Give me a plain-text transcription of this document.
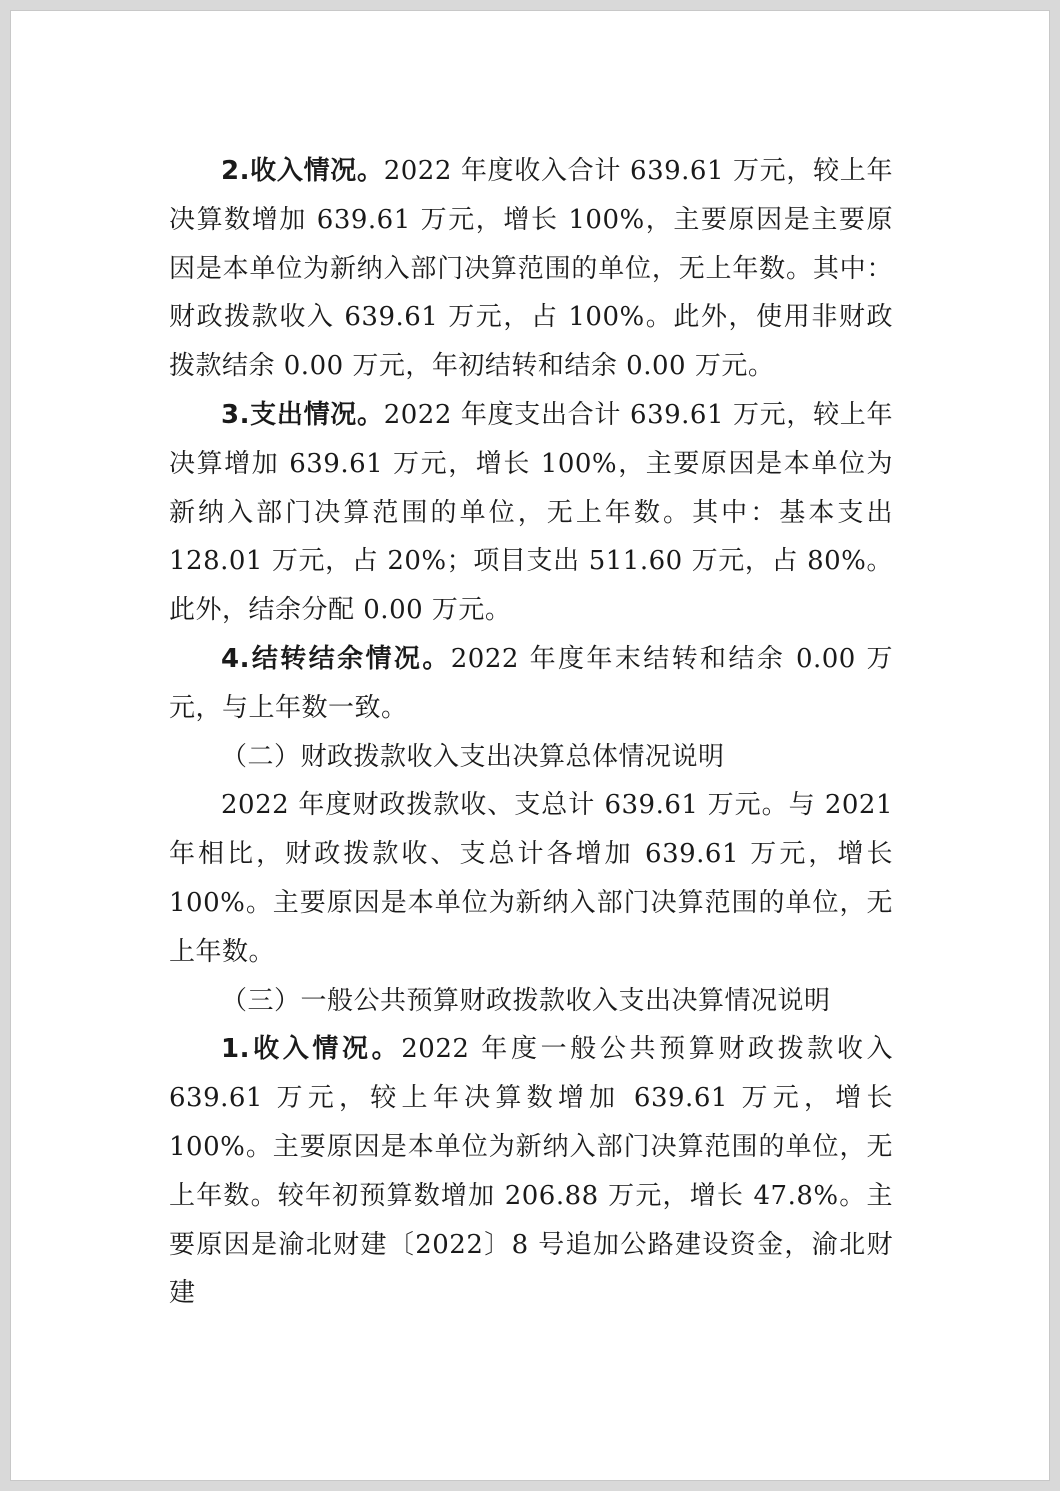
2.收入情况。2022 年度收入合计 639.61 万元，较上年决算数增加 639.61 万元，增长 100%，主要原因是主要原因是本单位为新纳入部门决算范围的单位，无上年数。其中：财政拨款收入 639.61 万元，占 100%。此外，使用非财政拨款结余 0.00 万元，年初结转和结余 0.00 万元。

3.支出情况。2022 年度支出合计 639.61 万元，较上年决算增加 639.61 万元，增长 100%，主要原因是本单位为新纳入部门决算范围的单位，无上年数。其中：基本支出 128.01 万元，占 20%；项目支出 511.60 万元，占 80%。此外，结余分配 0.00 万元。

4.结转结余情况。2022 年度年末结转和结余 0.00 万元，与上年数一致。

（二）财政拨款收入支出决算总体情况说明

2022 年度财政拨款收、支总计 639.61 万元。与 2021 年相比，财政拨款收、支总计各增加 639.61 万元，增长 100%。主要原因是本单位为新纳入部门决算范围的单位，无上年数。

（三）一般公共预算财政拨款收入支出决算情况说明

1.收入情况。2022 年度一般公共预算财政拨款收入 639.61 万元，较上年决算数增加 639.61 万元，增长 100%。主要原因是本单位为新纳入部门决算范围的单位，无上年数。较年初预算数增加 206.88 万元，增长 47.8%。主要原因是渝北财建〔2022〕8 号追加公路建设资金，渝北财建
